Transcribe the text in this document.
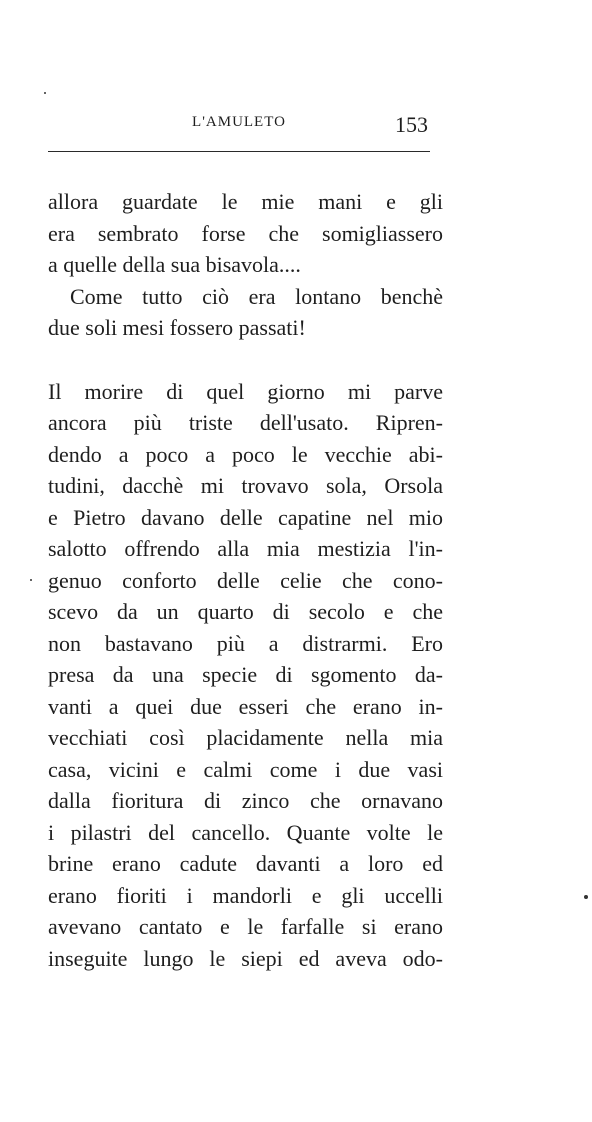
L'AMULETO	153
allora guardate le mie mani e gli
era sembrato forse che somigliassero
a quelle della sua bisavola....
Come tutto ciò era lontano benchè
due soli mesi fossero passati!
Il morire di quel giorno mi parve
ancora più triste dell'usato. Ripren-
dendo a poco a poco le vecchie abi-
tudini, dacchè mi trovavo sola, Orsola
e Pietro davano delle capatine nel mio
salotto offrendo alla mia mestizia l'in-
genuo conforto delle celie che cono-
scevo da un quarto di secolo e che
non bastavano più a distrarmi. Ero
presa da una specie di sgomento da-
vanti a quei due esseri che erano in-
vecchiati così placidamente nella mia
casa, vicini e calmi come i due vasi
dalla fioritura di zinco che ornavano
i pilastri del cancello. Quante volte le
brine erano cadute davanti a loro ed
erano fioriti i mandorli e gli uccelli
avevano cantato e le farfalle si erano
inseguite lungo le siepi ed aveva odo-
